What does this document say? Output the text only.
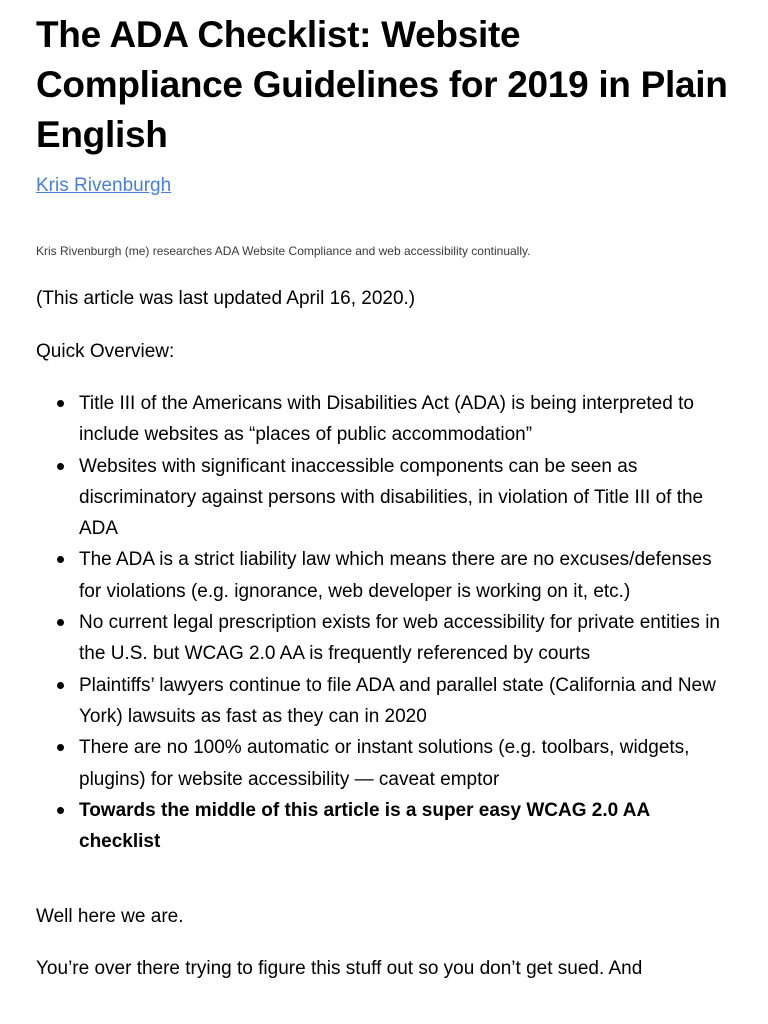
The ADA Checklist: Website Compliance Guidelines for 2019 in Plain English
Kris Rivenburgh

Kris Rivenburgh (me) researches ADA Website Compliance and web accessibility continually.

(This article was last updated April 16, 2020.)

Quick Overview:

Title III of the Americans with Disabilities Act (ADA) is being interpreted to include websites as “places of public accommodation”
Websites with significant inaccessible components can be seen as discriminatory against persons with disabilities, in violation of Title III of the ADA
The ADA is a strict liability law which means there are no excuses/defenses for violations (e.g. ignorance, web developer is working on it, etc.)
No current legal prescription exists for web accessibility for private entities in the U.S. but WCAG 2.0 AA is frequently referenced by courts
Plaintiffs’ lawyers continue to file ADA and parallel state (California and New York) lawsuits as fast as they can in 2020
There are no 100% automatic or instant solutions (e.g. toolbars, widgets, plugins) for website accessibility — caveat emptor
Towards the middle of this article is a super easy WCAG 2.0 AA checklist

Well here we are.

You’re over there trying to figure this stuff out so you don’t get sued. And
